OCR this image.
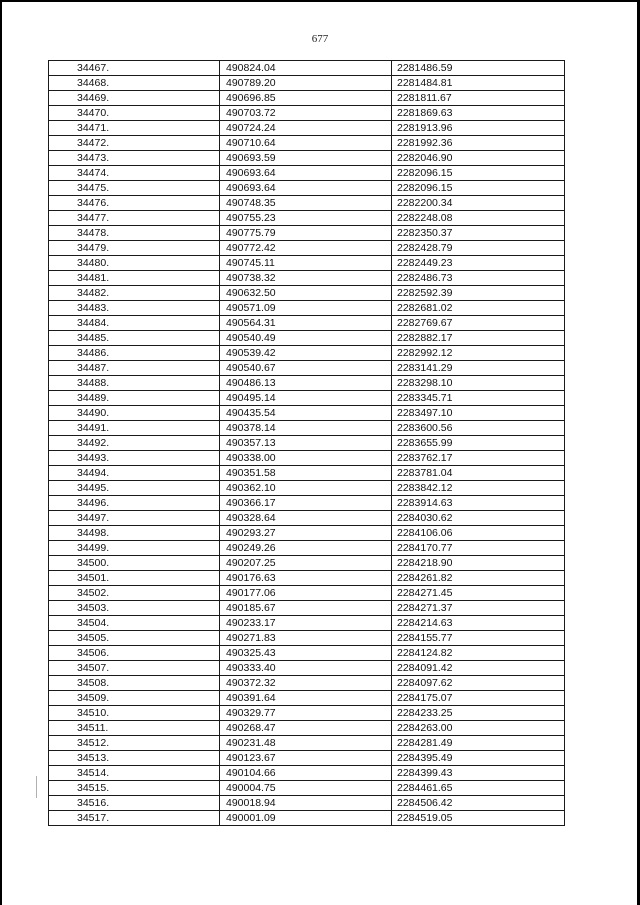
677
34467.	490824.04	2281486.59
34468.	490789.20	2281484.81
34469.	490696.85	2281811.67
34470.	490703.72	2281869.63
34471.	490724.24	2281913.96
34472.	490710.64	2281992.36
34473.	490693.59	2282046.90
34474.	490693.64	2282096.15
34475.	490693.64	2282096.15
34476.	490748.35	2282200.34
34477.	490755.23	2282248.08
34478.	490775.79	2282350.37
34479.	490772.42	2282428.79
34480.	490745.11	2282449.23
34481.	490738.32	2282486.73
34482.	490632.50	2282592.39
34483.	490571.09	2282681.02
34484.	490564.31	2282769.67
34485.	490540.49	2282882.17
34486.	490539.42	2282992.12
34487.	490540.67	2283141.29
34488.	490486.13	2283298.10
34489.	490495.14	2283345.71
34490.	490435.54	2283497.10
34491.	490378.14	2283600.56
34492.	490357.13	2283655.99
34493.	490338.00	2283762.17
34494.	490351.58	2283781.04
34495.	490362.10	2283842.12
34496.	490366.17	2283914.63
34497.	490328.64	2284030.62
34498.	490293.27	2284106.06
34499.	490249.26	2284170.77
34500.	490207.25	2284218.90
34501.	490176.63	2284261.82
34502.	490177.06	2284271.45
34503.	490185.67	2284271.37
34504.	490233.17	2284214.63
34505.	490271.83	2284155.77
34506.	490325.43	2284124.82
34507.	490333.40	2284091.42
34508.	490372.32	2284097.62
34509.	490391.64	2284175.07
34510.	490329.77	2284233.25
34511.	490268.47	2284263.00
34512.	490231.48	2284281.49
34513.	490123.67	2284395.49
34514.	490104.66	2284399.43
34515.	490004.75	2284461.65
34516.	490018.94	2284506.42
34517.	490001.09	2284519.05
